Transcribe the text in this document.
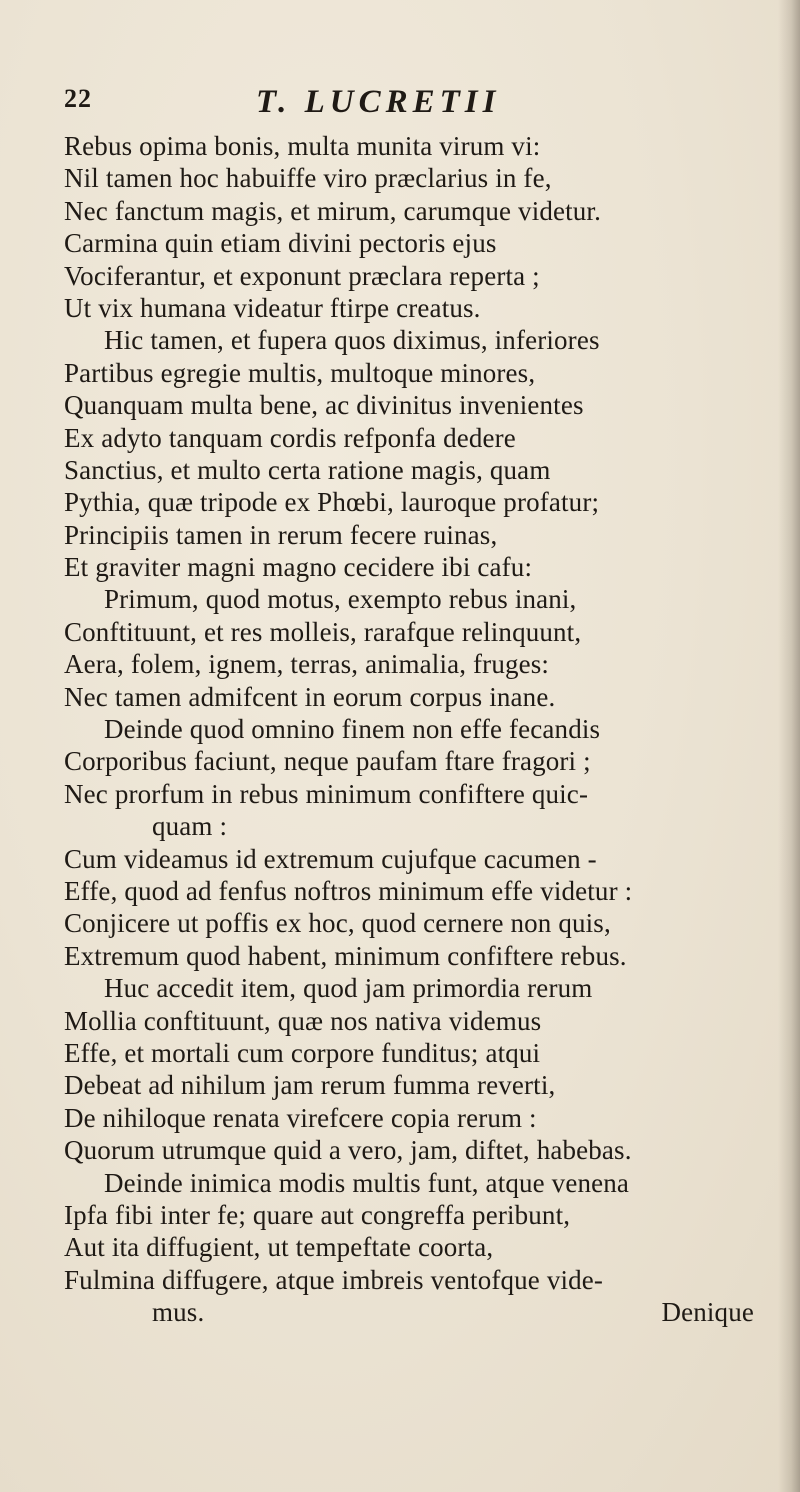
22	T. LUCRETII
Rebus opima bonis, multa munita virum vi:
Nil tamen hoc habuiffe viro præclarius in fe,
Nec fanctum magis, et mirum, carumque videtur.
Carmina quin etiam divini pectoris ejus
Vociferantur, et exponunt præclara reperta ;
Ut vix humana videatur ftirpe creatus.
Hic tamen, et fupera quos diximus, inferiores
Partibus egregie multis, multoque minores,
Quanquam multa bene, ac divinitus invenientes
Ex adyto tanquam cordis refponfa dedere
Sanctius, et multo certa ratione magis, quam
Pythia, quæ tripode ex Phœbi, lauroque profatur;
Principiis tamen in rerum fecere ruinas,
Et graviter magni magno cecidere ibi cafu:
Primum, quod motus, exempto rebus inani,
Conftituunt, et res molleis, rarafque relinquunt,
Aera, folem, ignem, terras, animalia, fruges:
Nec tamen admifcent in eorum corpus inane.
Deinde quod omnino finem non effe fecandis
Corporibus faciunt, neque paufam ftare fragori ;
Nec prorfum in rebus minimum confiftere quic-
quam :
Cum videamus id extremum cujufque cacumen -
Effe, quod ad fenfus noftros minimum effe videtur :
Conjicere ut poffis ex hoc, quod cernere non quis,
Extremum quod habent, minimum confiftere rebus.
Huc accedit item, quod jam primordia rerum
Mollia conftituunt, quæ nos nativa videmus
Effe, et mortali cum corpore funditus; atqui
Debeat ad nihilum jam rerum fumma reverti,
De nihiloque renata virefcere copia rerum :
Quorum utrumque quid a vero, jam, diftet, habebas.
Deinde inimica modis multis funt, atque venena
Ipfa fibi inter fe; quare aut congreffa peribunt,
Aut ita diffugient, ut tempeftate coorta,
Fulmina diffugere, atque imbreis ventofque vide-
mus.	Denique
